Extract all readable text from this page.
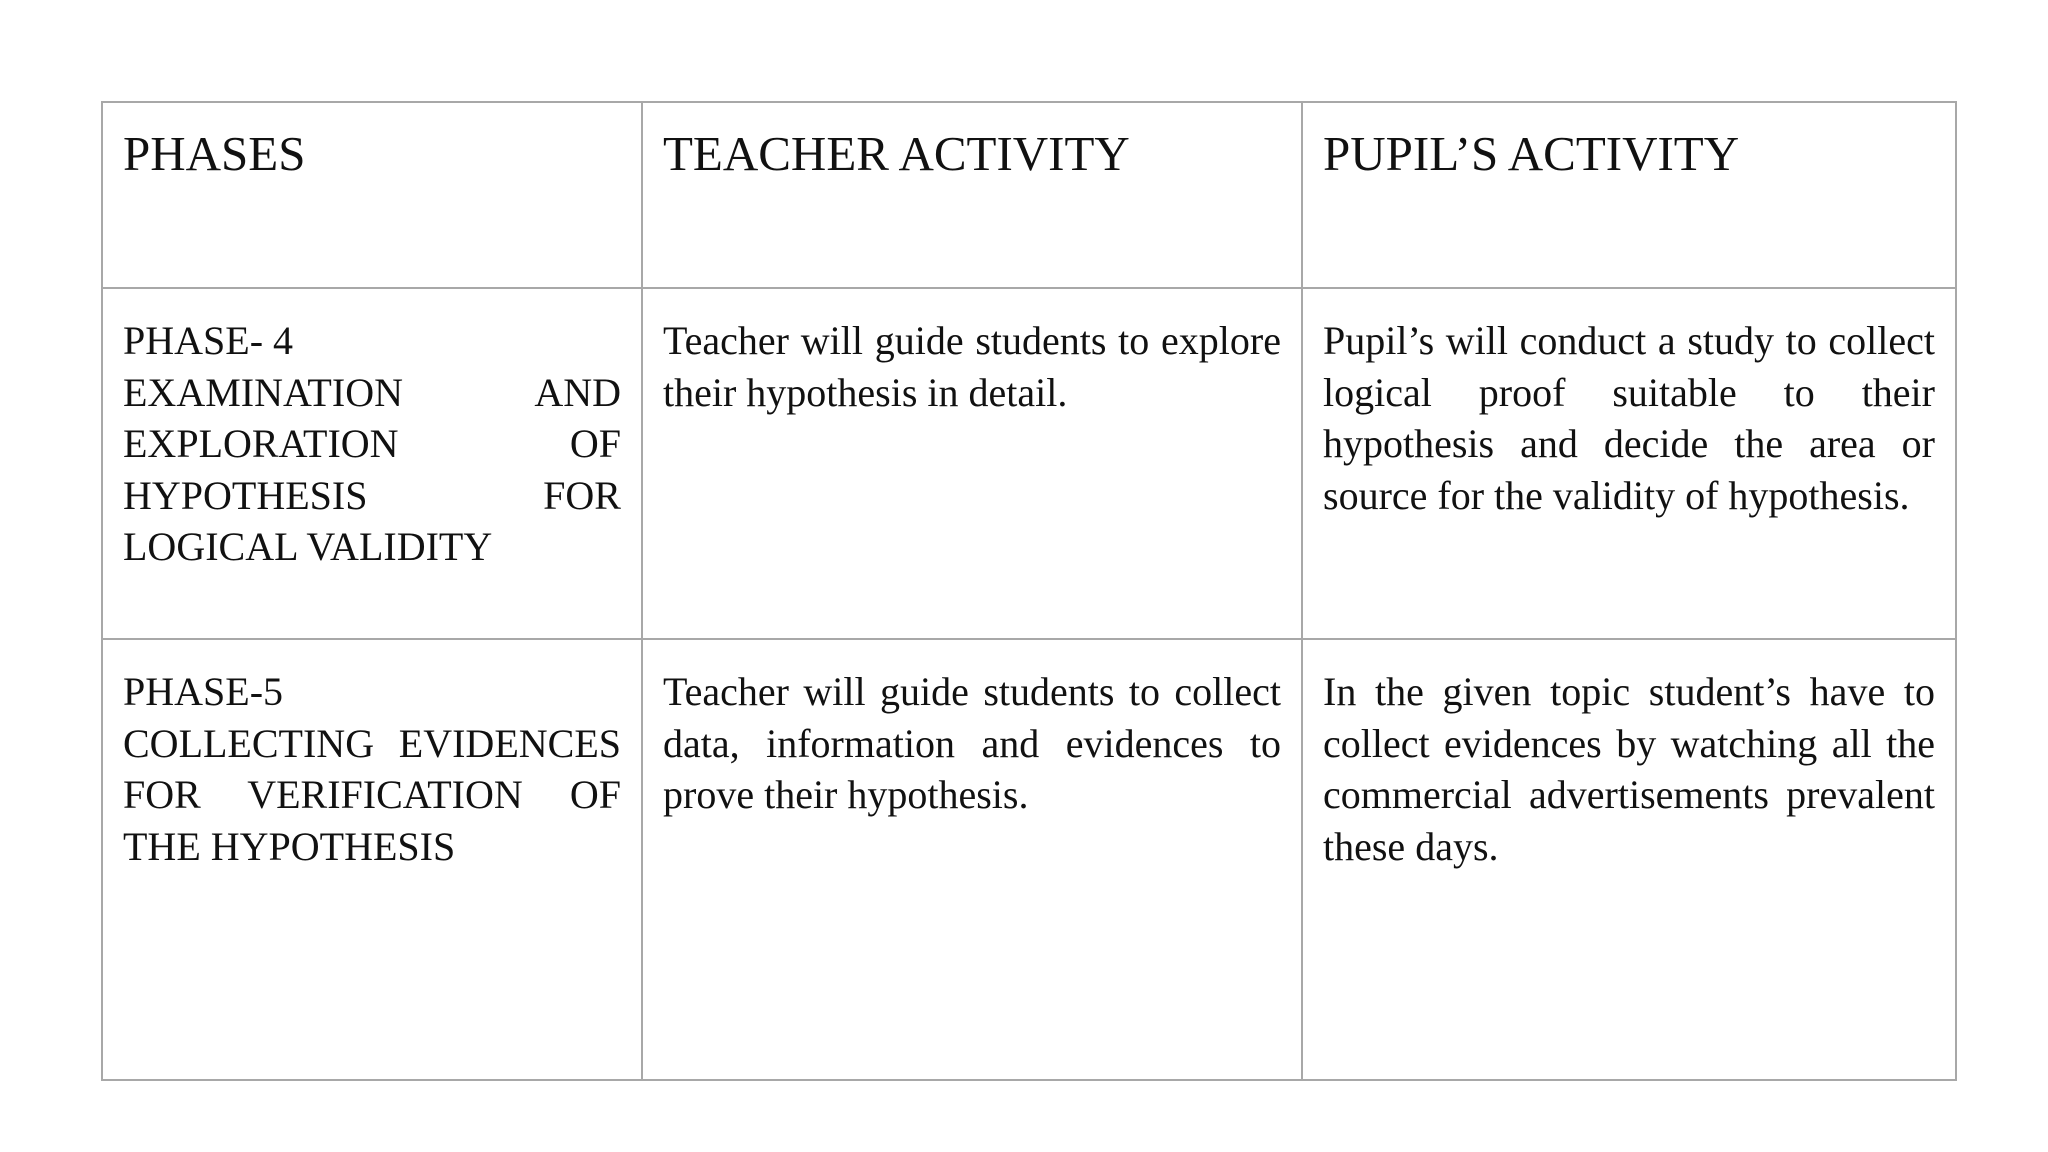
PHASES	TEACHER ACTIVITY	PUPIL’S ACTIVITY

PHASE- 4
EXAMINATION AND EXPLORATION OF HYPOTHESIS FOR LOGICAL VALIDITY	Teacher will guide students to explore their hypothesis in detail.	Pupil’s will conduct a study to collect logical proof suitable to their hypothesis and decide the area or source for the validity of hypothesis.

PHASE-5
COLLECTING EVIDENCES FOR VERIFICATION OF THE HYPOTHESIS	Teacher will guide students to collect data, information and evidences to prove their hypothesis.	In the given topic student’s have to collect evidences by watching all the commercial advertisements prevalent these days.
